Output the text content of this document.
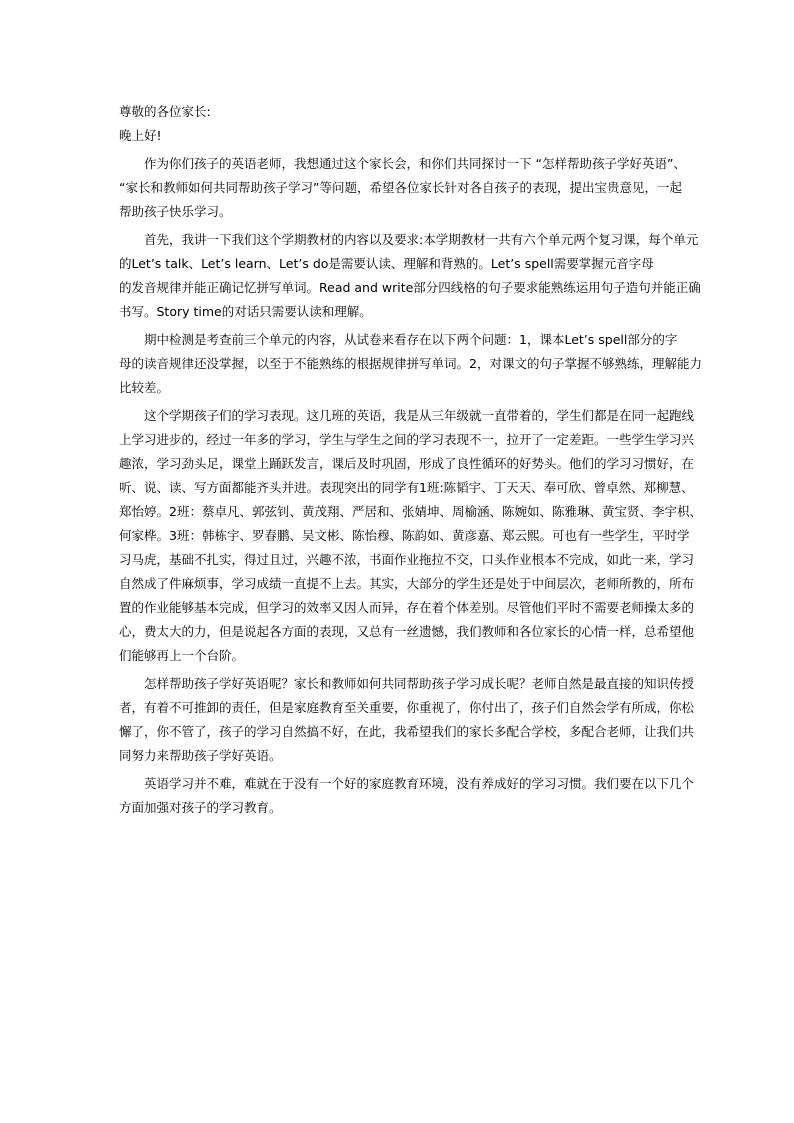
尊敬的各位家长:

晚上好!

作为你们孩子的英语老师，我想通过这个家长会，和你们共同探讨一下 “怎样帮助孩子学好英语”、

“家长和教师如何共同帮助孩子学习”等问题，希望各位家长针对各自孩子的表现，提出宝贵意见，一起

帮助孩子快乐学习。

首先，我讲一下我们这个学期教材的内容以及要求:本学期教材一共有六个单元两个复习课，每个单元

的Let’s talk、Let’s learn、Let’s do是需要认读、理解和背熟的。Let’s spell需要掌握元音字母

的发音规律并能正确记忆拼写单词。Read and write部分四线格的句子要求能熟练运用句子造句并能正确

书写。Story time的对话只需要认读和理解。

期中检测是考查前三个单元的内容，从试卷来看存在以下两个问题：1，课本Let’s spell部分的字

母的读音规律还没掌握，以至于不能熟练的根据规律拼写单词。2，对课文的句子掌握不够熟练，理解能力

比较差。

这个学期孩子们的学习表现。这几班的英语，我是从三年级就一直带着的，学生们都是在同一起跑线

上学习进步的，经过一年多的学习，学生与学生之间的学习表现不一，拉开了一定差距。一些学生学习兴

趣浓，学习劲头足，课堂上踊跃发言，课后及时巩固，形成了良性循环的好势头。他们的学习习惯好，在

听、说、读、写方面都能齐头并进。表现突出的同学有1班:陈韬宇、丁天天、奉可欣、曾卓然、郑柳慧、

郑怡婷。2班：蔡卓凡、郭弦钊、黄茂翔、严居和、张婧坤、周榆涵、陈婉如、陈雅琳、黄宝贤、李宇枳、

何家桦。3班：韩栋宇、罗春鹏、吴文彬、陈怡穆、陈韵如、黄彦嘉、郑云熙。可也有一些学生，平时学

习马虎，基础不扎实，得过且过，兴趣不浓，书面作业拖拉不交，口头作业根本不完成，如此一来，学习

自然成了件麻烦事，学习成绩一直提不上去。其实，大部分的学生还是处于中间层次，老师所教的，所布

置的作业能够基本完成，但学习的效率又因人而异，存在着个体差别。尽管他们平时不需要老师操太多的

心，费太大的力，但是说起各方面的表现，又总有一丝遗憾，我们教师和各位家长的心情一样，总希望他

们能够再上一个台阶。

怎样帮助孩子学好英语呢？家长和教师如何共同帮助孩子学习成长呢？老师自然是最直接的知识传授

者，有着不可推卸的责任，但是家庭教育至关重要，你重视了，你付出了，孩子们自然会学有所成，你松

懈了，你不管了，孩子的学习自然搞不好，在此，我希望我们的家长多配合学校，多配合老师，让我们共

同努力来帮助孩子学好英语。

英语学习并不难，难就在于没有一个好的家庭教育环境，没有养成好的学习习惯。我们要在以下几个

方面加强对孩子的学习教育。
